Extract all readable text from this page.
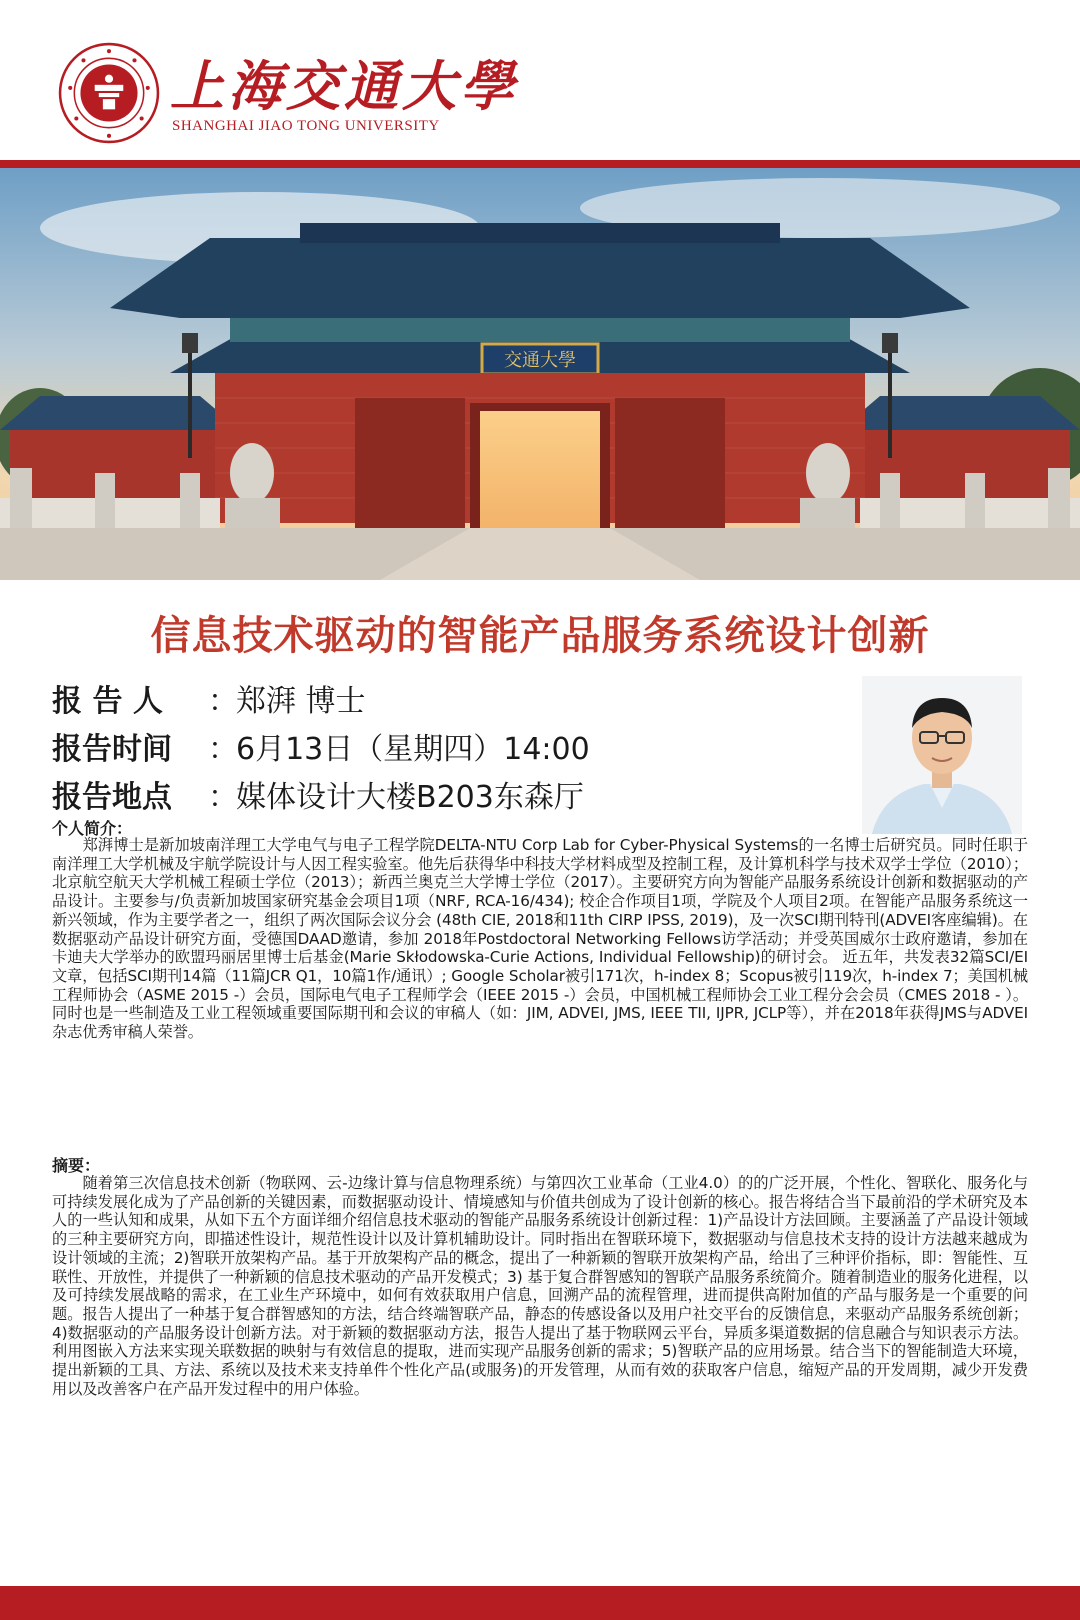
上海交通大學
SHANGHAI JIAO TONG UNIVERSITY
交通大學
信息技术驱动的智能产品服务系统设计创新
报 告 人 ：郑湃 博士
报告时间 ：6月13日（星期四）14:00
报告地点 ：媒体设计大楼B203东森厅
个人简介：

　　郑湃博士是新加坡南洋理工大学电气与电子工程学院DELTA-NTU Corp Lab for Cyber-Physical Systems的一名博士后研究员。同时任职于南洋理工大学机械及宇航学院设计与人因工程实验室。他先后获得华中科技大学材料成型及控制工程，及计算机科学与技术双学士学位（2010）；北京航空航天大学机械工程硕士学位（2013）；新西兰奥克兰大学博士学位（2017）。主要研究方向为智能产品服务系统设计创新和数据驱动的产品设计。主要参与/负责新加坡国家研究基金会项目1项（NRF, RCA-16/434); 校企合作项目1项，学院及个人项目2项。在智能产品服务系统这一新兴领域，作为主要学者之一，组织了两次国际会议分会 (48th CIE, 2018和11th CIRP IPSS, 2019)，及一次SCI期刊特刊(ADVEI客座编辑)。在数据驱动产品设计研究方面，受德国DAAD邀请，参加 2018年Postdoctoral Networking Fellows访学活动；并受英国威尔士政府邀请，参加在卡迪夫大学举办的欧盟玛丽居里博士后基金(Marie Skłodowska-Curie Actions, Individual Fellowship)的研讨会。 近五年，共发表32篇SCI/EI文章，包括SCI期刊14篇（11篇JCR Q1，10篇1作/通讯）; Google Scholar被引171次，h-index 8；Scopus被引119次，h-index 7；美国机械工程师协会（ASME 2015 -）会员，国际电气电子工程师学会（IEEE 2015 -）会员，中国机械工程师协会工业工程分会会员（CMES 2018 - ）。同时也是一些制造及工业工程领域重要国际期刊和会议的审稿人（如：JIM, ADVEI, JMS, IEEE TII, IJPR, JCLP等），并在2018年获得JMS与ADVEI杂志优秀审稿人荣誉。

摘要：

　　随着第三次信息技术创新（物联网、云-边缘计算与信息物理系统）与第四次工业革命（工业4.0）的的广泛开展，个性化、智联化、服务化与可持续发展化成为了产品创新的关键因素，而数据驱动设计、情境感知与价值共创成为了设计创新的核心。报告将结合当下最前沿的学术研究及本人的一些认知和成果，从如下五个方面详细介绍信息技术驱动的智能产品服务系统设计创新过程：1)产品设计方法回顾。主要涵盖了产品设计领域的三种主要研究方向，即描述性设计，规范性设计以及计算机辅助设计。同时指出在智联环境下，数据驱动与信息技术支持的设计方法越来越成为设计领域的主流；2)智联开放架构产品。基于开放架构产品的概念，提出了一种新颖的智联开放架构产品，给出了三种评价指标，即：智能性、互联性、开放性，并提供了一种新颖的信息技术驱动的产品开发模式；3) 基于复合群智感知的智联产品服务系统简介。随着制造业的服务化进程，以及可持续发展战略的需求，在工业生产环境中，如何有效获取用户信息，回溯产品的流程管理，进而提供高附加值的产品与服务是一个重要的问题。报告人提出了一种基于复合群智感知的方法，结合终端智联产品，静态的传感设备以及用户社交平台的反馈信息，来驱动产品服务系统创新；4)数据驱动的产品服务设计创新方法。对于新颖的数据驱动方法，报告人提出了基于物联网云平台，异质多渠道数据的信息融合与知识表示方法。利用图嵌入方法来实现关联数据的映射与有效信息的提取，进而实现产品服务创新的需求；5)智联产品的应用场景。结合当下的智能制造大环境，提出新颖的工具、方法、系统以及技术来支持单件个性化产品(或服务)的开发管理，从而有效的获取客户信息，缩短产品的开发周期，减少开发费用以及改善客户在产品开发过程中的用户体验。
